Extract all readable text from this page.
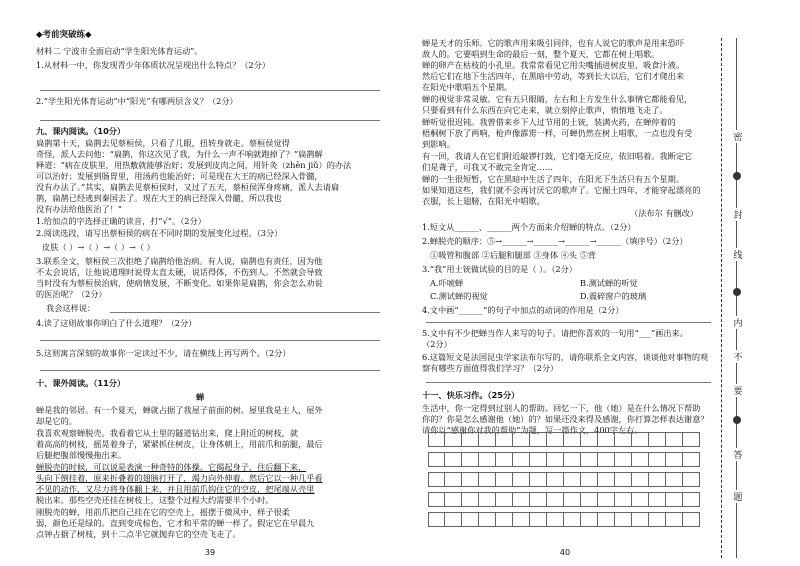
◆考前突破练◆
材料二 宁波市全面启动“学生阳光体育运动”。
1.从材料一中，你发现青少年体质状况呈现出什么特点？（2分）
2.“学生阳光体育运动”中“阳光”有哪两层含义？（2分）
九、课内阅读。（10分）
扁鹊第十天，扁鹊去见蔡桓侯，只看了几眼，扭转身就走。蔡桓侯觉得
奇怪，派人去问他：“扁鹊，你这次见了我，为什么一声不响就跑掉了？”扁鹊解
释道：“病在皮肤里，用热敷就能够治好；发展到皮肉之间，用针灸（zhēn jiǔ）的办法
可以治好；发展到肠胃里，用汤药也能治好；可是现在大王的病已经深入骨髓，
没有办法了。”其实，扁鹊去见蔡桓侯时，又过了五天，蔡桓侯浑身疼痛，派人去请扁
鹊，扁鹊已经逃到秦国去了。现在大王的病已经深入骨髓，所以我也
没有办法给他医治了！”
1.给加点的字选择正确的读音，打“√”。（2分）
2.阅读选段，请写出蔡桓侯的病在不同时期的发展变化过程。（3分）
皮肤（ ）→（ ）→（ ）→（ ）
3.联系全文，蔡桓侯三次拒绝了扁鹊给他治病。有人说，扁鹊也有责任，因为他
不太会说话，让他说道理时说得太直太硬，说话得体，不伤到人。不然就会导致
当时没有为蔡桓侯治病，使病情发展，不断变化。如果你是扁鹊，你会怎么劝说
的医治呢？（2分）
我会这样说：
4.读了这则故事你明白了什么道理？（2分）
5.这则寓言深刻的故事你一定读过不少，请在横线上再写两个。（2分）
十、课外阅读。（11分）
蝉
蝉是我的邻居。有一个夏天，蝉就占据了我屋子前面的树。屋里我是主人，屋外
却是它的。
我喜欢观察蝉脱壳。我看着它从土里的隧道钻出来，爬上附近的树枝，就
着高高的树枝，摇晃着身子，紧紧抓住树皮，让身体朝上，用前爪和前腿，最后
后腿把腹部慢慢拖出来。
蝉脱壳的时候，可以说是表演一种奇特的体操。它揭起身子，往后翻下来，
头向下倒挂着，原来折叠着的翅膀打开了，竭力向外伸着。然后它以一种几乎看
不见的动作，又尽力将身体翻上来，并且用前爪钩住它的空皮，把尾端从壳里
脱出来。那些空壳还挂在树枝上，这整个过程大约需要半个小时。
刚脱壳的蝉，用前爪把自己挂在它的空壳上，摇摆于微风中，样子很柔
弱，颜色还是绿的。直到变成棕色，它才和平常的蝉一样了。假定它在早晨九
点钟占据了树枝，到十二点半它就抛弃它的空壳飞走了。
39
蝉是天才的乐师。它的歌声用来吸引同伴，也有人说它的歌声是用来恐吓
敌人的。它要唱到生命的最后一刻，整个夏天，它都在树上唱歌。
蝉的卵产在枯枝的小孔里。我常常看见它用尖嘴插进树皮里，吸食汁液。
然后它们在地下生活四年，在黑暗中劳动，等到长大以后，它们才爬出来
在阳光中歌唱五个星期。
蝉的视觉非常灵敏。它有五只眼睛，左右和上方发生什么事情它都能看见，
只要看到有什么东西在向它走来，就立刻停止歌声，悄悄地飞走了。
蝉听觉很迟钝。我曾借来乡下人过节用的土铳，装满火药，在蝉停着的
梧桐树下放了两响，枪声像霹雳一样，可蝉仍然在树上唱歌，一点也没有受
到影响。
有一回，我请人在它们附近敲锣打鼓，它们毫无反应，依旧唱着。我断定它
们是聋子，可我又不敢完全肯定……
蝉的一生很短暂，它在黑暗中生活了四年，在阳光下生活只有五个星期。
如果知道这些，我们就不会再讨厌它的歌声了。它掘土四年，才能穿起漂亮的
衣服，长上翅膀，在阳光中唱歌。
（法布尔 有删改）
1.短文从______、______两个方面来介绍蝉的特点。（2分）
2.蝉脱壳的顺序：⑤→______→______→______→______（填序号）（2分）
①吸管和腹部 ②后腿和腿部 ③身体 ④头 ⑤背
3.“我”用土铳做试验的目的是（ ）。（2分）
A.吓唬蝉	B.测试蝉的听觉
C.测试蝉的视觉	D.震碎窗户的玻璃
4.文中画“______”的句子中加点的动词的作用是（2分）
5.文中有不少把蝉当作人来写的句子。请把你喜欢的一句用“___”画出来。
（2分）
6.这篇短文是法国昆虫学家法布尔写的，请你联系全文内容，谈谈他对事物的观
察有哪些方面值得我们学习？（2分）
十一、快乐习作。（25分）
生活中，你一定得到过别人的帮助。回忆一下，他（她）是在什么情况下帮助
你的？你是怎么感谢他（她）的？如果还没来得及感谢，你打算怎样表达谢意？
请你以“感谢你对我的帮助”为题，写一篇作文，400字左右。
40
密
封
线
内
不
要
答
题
